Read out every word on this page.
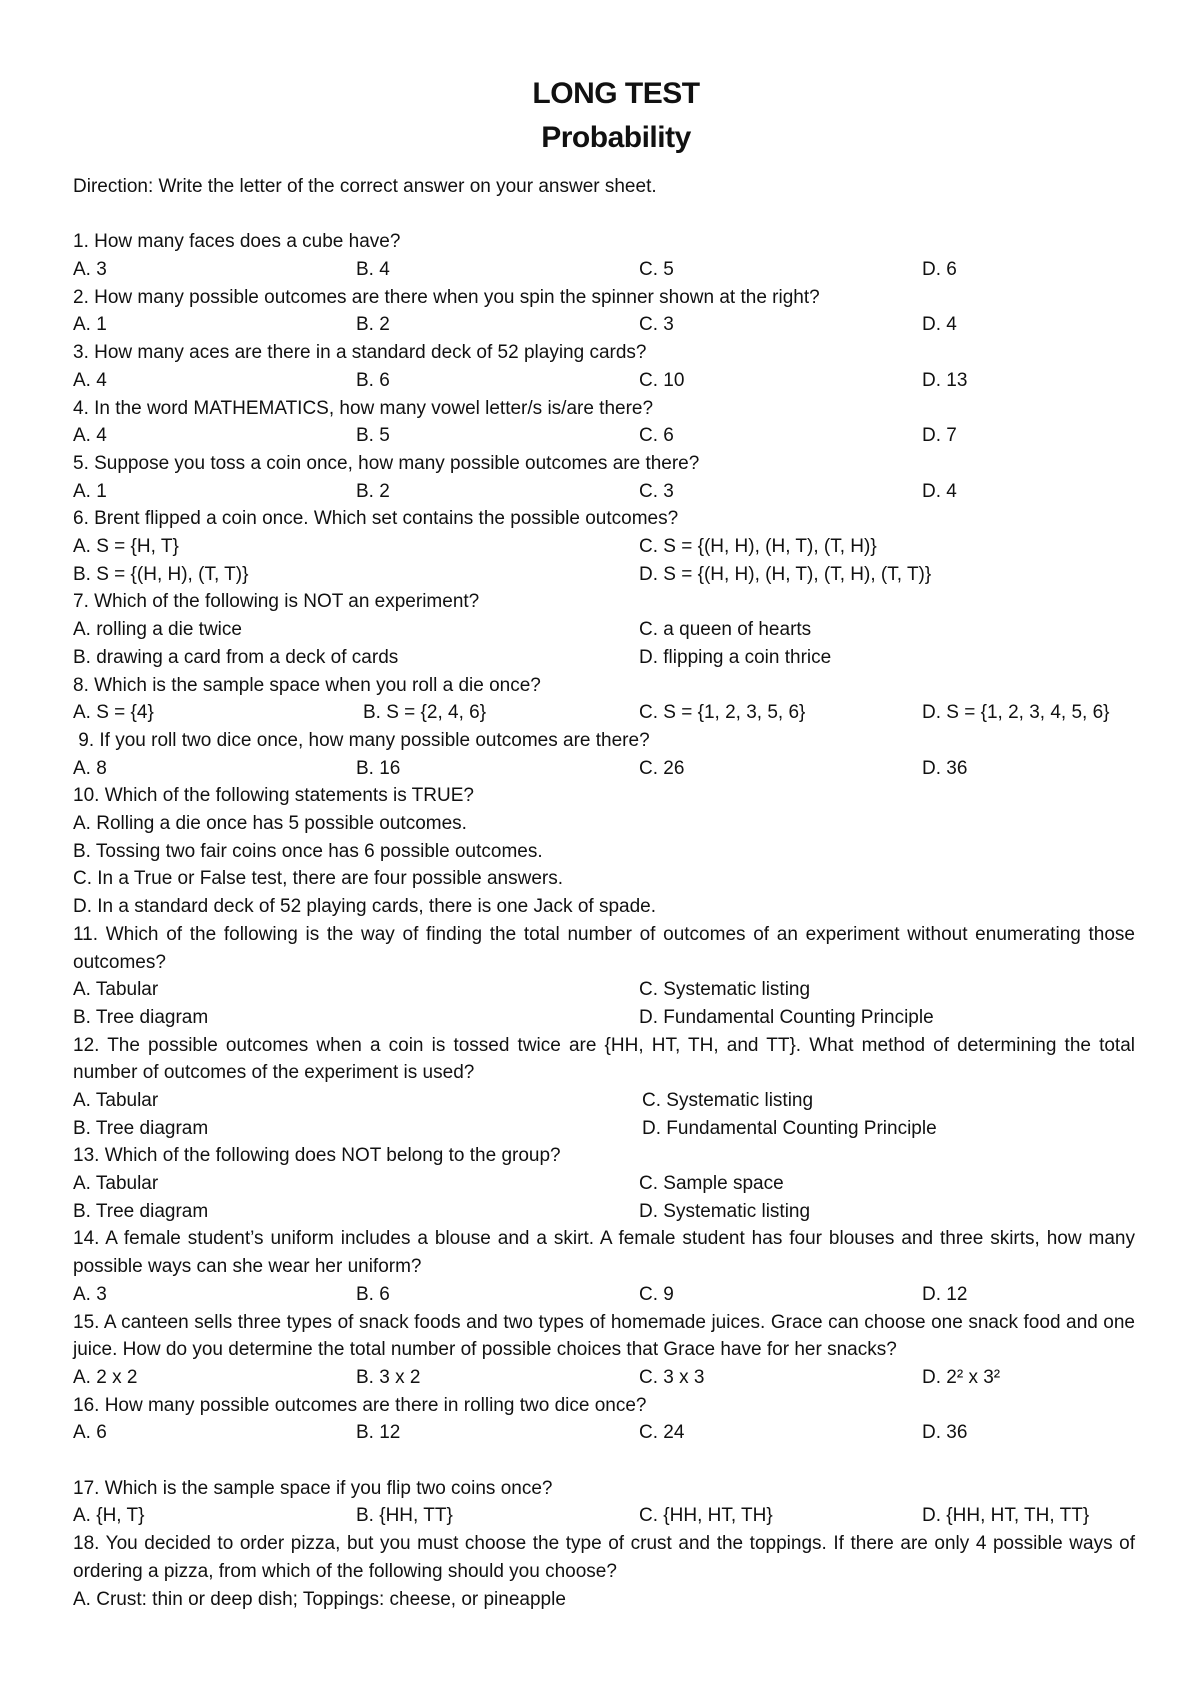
LONG TEST
Probability
Direction: Write the letter of the correct answer on your answer sheet.
1. How many faces does a cube have?
A. 3	B. 4	C. 5	D. 6
2. How many possible outcomes are there when you spin the spinner shown at the right?
A. 1	B. 2	C. 3	D. 4
3. How many aces are there in a standard deck of 52 playing cards?
A. 4	B. 6	C. 10	D. 13
4. In the word MATHEMATICS, how many vowel letter/s is/are there?
A. 4	B. 5	C. 6	D. 7
5. Suppose you toss a coin once, how many possible outcomes are there?
A. 1	B. 2	C. 3	D. 4
6. Brent flipped a coin once. Which set contains the possible outcomes?
A. S = {H, T}	C. S = {(H, H), (H, T), (T, H)}
B. S = {(H, H), (T, T)}	D. S = {(H, H), (H, T), (T, H), (T, T)}
7. Which of the following is NOT an experiment?
A. rolling a die twice	C. a queen of hearts
B. drawing a card from a deck of cards	D. flipping a coin thrice
8. Which is the sample space when you roll a die once?
A. S = {4}	B. S = {2, 4, 6}	C. S = {1, 2, 3, 5, 6}	D. S = {1, 2, 3, 4, 5, 6}
9. If you roll two dice once, how many possible outcomes are there?
A. 8	B. 16	C. 26	D. 36
10. Which of the following statements is TRUE?
A. Rolling a die once has 5 possible outcomes.
B. Tossing two fair coins once has 6 possible outcomes.
C. In a True or False test, there are four possible answers.
D. In a standard deck of 52 playing cards, there is one Jack of spade.
11. Which of the following is the way of finding the total number of outcomes of an experiment without enumerating those outcomes?
A. Tabular	C. Systematic listing
B. Tree diagram	D. Fundamental Counting Principle
12. The possible outcomes when a coin is tossed twice are {HH, HT, TH, and TT}. What method of determining the total number of outcomes of the experiment is used?
A. Tabular	C. Systematic listing
B. Tree diagram	D. Fundamental Counting Principle
13. Which of the following does NOT belong to the group?
A. Tabular	C. Sample space
B. Tree diagram	D. Systematic listing
14. A female student’s uniform includes a blouse and a skirt. A female student has four blouses and three skirts, how many possible ways can she wear her uniform?
A. 3	B. 6	C. 9	D. 12
15. A canteen sells three types of snack foods and two types of homemade juices. Grace can choose one snack food and one juice. How do you determine the total number of possible choices that Grace have for her snacks?
A. 2 x 2	B. 3 x 2	C. 3 x 3	D. 2² x 3²
16. How many possible outcomes are there in rolling two dice once?
A. 6	B. 12	C. 24	D. 36
17. Which is the sample space if you flip two coins once?
A. {H, T}	B. {HH, TT}	C. {HH, HT, TH}	D. {HH, HT, TH, TT}
18. You decided to order pizza, but you must choose the type of crust and the toppings. If there are only 4 possible ways of ordering a pizza, from which of the following should you choose?
A. Crust: thin or deep dish; Toppings: cheese, or pineapple
